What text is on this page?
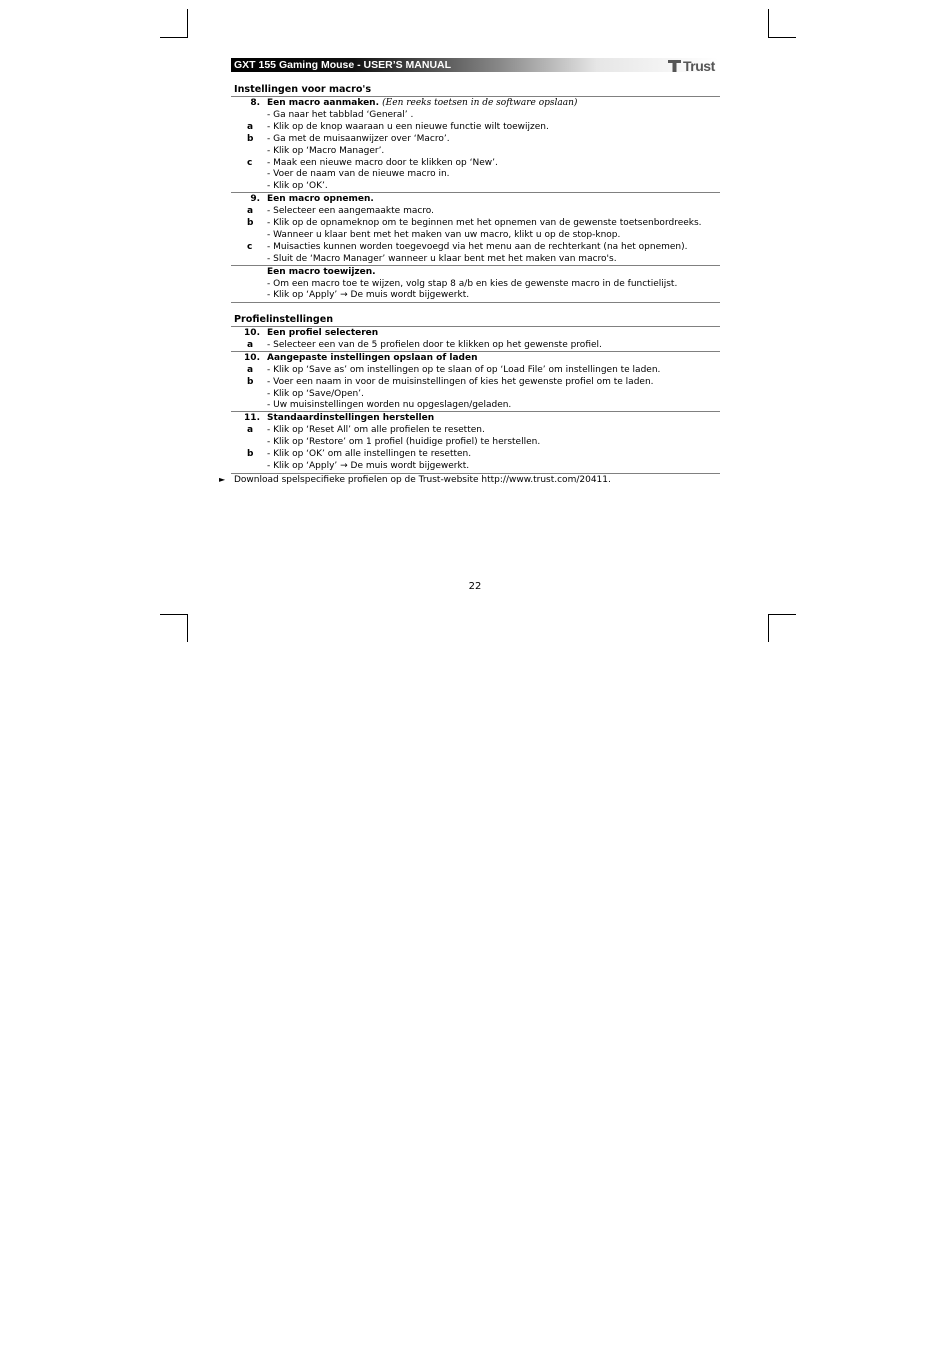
GXT 155 Gaming Mouse - USER’S MANUAL	Trust
Instellingen voor macro's
8. Een macro aanmaken. (Een reeks toetsen in de software opslaan)
- Ga naar het tabblad ‘General’ .
a - Klik op de knop waaraan u een nieuwe functie wilt toewijzen.
b - Ga met de muisaanwijzer over ‘Macro’.
- Klik op ‘Macro Manager’.
c - Maak een nieuwe macro door te klikken op ‘New’.
- Voer de naam van de nieuwe macro in.
- Klik op ‘OK’.
9. Een macro opnemen.
a - Selecteer een aangemaakte macro.
b - Klik op de opnameknop om te beginnen met het opnemen van de gewenste toetsenbordreeks.
- Wanneer u klaar bent met het maken van uw macro, klikt u op de stop-knop.
c - Muisacties kunnen worden toegevoegd via het menu aan de rechterkant (na het opnemen).
- Sluit de ‘Macro Manager’ wanneer u klaar bent met het maken van macro's.
Een macro toewijzen.
- Om een macro toe te wijzen, volg stap 8 a/b en kies de gewenste macro in de functielijst.
- Klik op ‘Apply’ → De muis wordt bijgewerkt.
Profielinstellingen
10. Een profiel selecteren
a - Selecteer een van de 5 profielen door te klikken op het gewenste profiel.
10. Aangepaste instellingen opslaan of laden
a - Klik op ‘Save as’ om instellingen op te slaan of op ‘Load File’ om instellingen te laden.
b - Voer een naam in voor de muisinstellingen of kies het gewenste profiel om te laden.
- Klik op ‘Save/Open’.
- Uw muisinstellingen worden nu opgeslagen/geladen.
11. Standaardinstellingen herstellen
a - Klik op ‘Reset All’ om alle profielen te resetten.
- Klik op ‘Restore’ om 1 profiel (huidige profiel) te herstellen.
b - Klik op ‘OK’ om alle instellingen te resetten.
- Klik op ‘Apply’ → De muis wordt bijgewerkt.
► Download spelspecifieke profielen op de Trust-website http://www.trust.com/20411.
22
